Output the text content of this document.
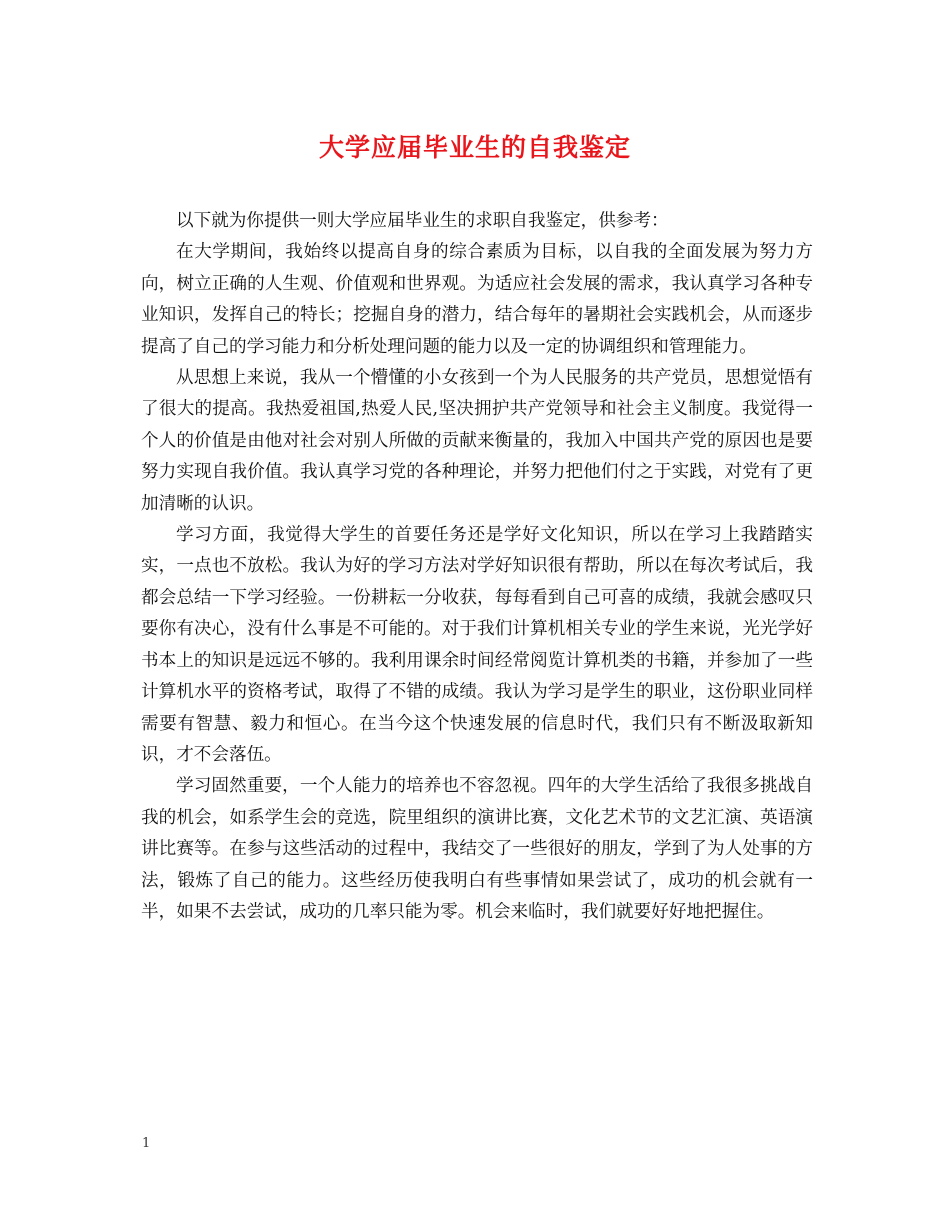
大学应届毕业生的自我鉴定

以下就为你提供一则大学应届毕业生的求职自我鉴定，供参考：

在大学期间，我始终以提高自身的综合素质为目标，以自我的全面发展为努力方向，树立正确的人生观、价值观和世界观。为适应社会发展的需求，我认真学习各种专业知识，发挥自己的特长；挖掘自身的潜力，结合每年的暑期社会实践机会，从而逐步提高了自己的学习能力和分析处理问题的能力以及一定的协调组织和管理能力。

从思想上来说，我从一个懵懂的小女孩到一个为人民服务的共产党员，思想觉悟有了很大的提高。我热爱祖国,热爱人民,坚决拥护共产党领导和社会主义制度。我觉得一个人的价值是由他对社会对别人所做的贡献来衡量的，我加入中国共产党的原因也是要努力实现自我价值。我认真学习党的各种理论，并努力把他们付之于实践，对党有了更加清晰的认识。

学习方面，我觉得大学生的首要任务还是学好文化知识，所以在学习上我踏踏实实，一点也不放松。我认为好的学习方法对学好知识很有帮助，所以在每次考试后，我都会总结一下学习经验。一份耕耘一分收获，每每看到自己可喜的成绩，我就会感叹只要你有决心，没有什么事是不可能的。对于我们计算机相关专业的学生来说，光光学好书本上的知识是远远不够的。我利用课余时间经常阅览计算机类的书籍，并参加了一些计算机水平的资格考试，取得了不错的成绩。我认为学习是学生的职业，这份职业同样需要有智慧、毅力和恒心。在当今这个快速发展的信息时代，我们只有不断汲取新知识，才不会落伍。

学习固然重要，一个人能力的培养也不容忽视。四年的大学生活给了我很多挑战自我的机会，如系学生会的竞选，院里组织的演讲比赛，文化艺术节的文艺汇演、英语演讲比赛等。在参与这些活动的过程中，我结交了一些很好的朋友，学到了为人处事的方法，锻炼了自己的能力。这些经历使我明白有些事情如果尝试了，成功的机会就有一半，如果不去尝试，成功的几率只能为零。机会来临时，我们就要好好地把握住。

1
